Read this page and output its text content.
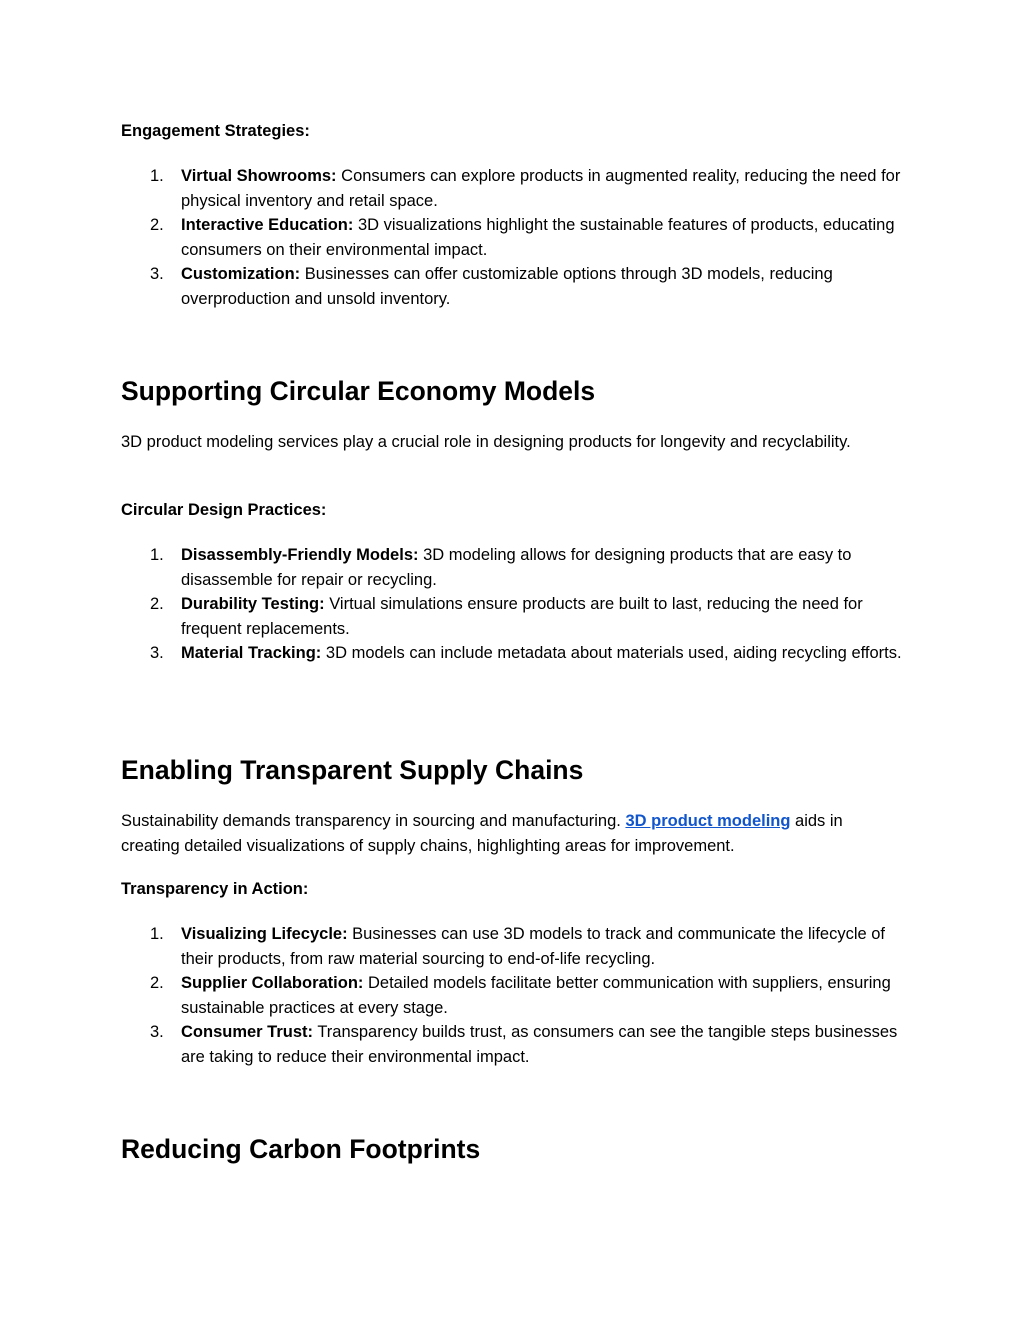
Engagement Strategies:
1. Virtual Showrooms: Consumers can explore products in augmented reality, reducing the need for physical inventory and retail space.
2. Interactive Education: 3D visualizations highlight the sustainable features of products, educating consumers on their environmental impact.
3. Customization: Businesses can offer customizable options through 3D models, reducing overproduction and unsold inventory.
Supporting Circular Economy Models
3D product modeling services play a crucial role in designing products for longevity and recyclability.
Circular Design Practices:
1. Disassembly-Friendly Models: 3D modeling allows for designing products that are easy to disassemble for repair or recycling.
2. Durability Testing: Virtual simulations ensure products are built to last, reducing the need for frequent replacements.
3. Material Tracking: 3D models can include metadata about materials used, aiding recycling efforts.
Enabling Transparent Supply Chains
Sustainability demands transparency in sourcing and manufacturing. 3D product modeling aids in creating detailed visualizations of supply chains, highlighting areas for improvement.
Transparency in Action:
1. Visualizing Lifecycle: Businesses can use 3D models to track and communicate the lifecycle of their products, from raw material sourcing to end-of-life recycling.
2. Supplier Collaboration: Detailed models facilitate better communication with suppliers, ensuring sustainable practices at every stage.
3. Consumer Trust: Transparency builds trust, as consumers can see the tangible steps businesses are taking to reduce their environmental impact.
Reducing Carbon Footprints
